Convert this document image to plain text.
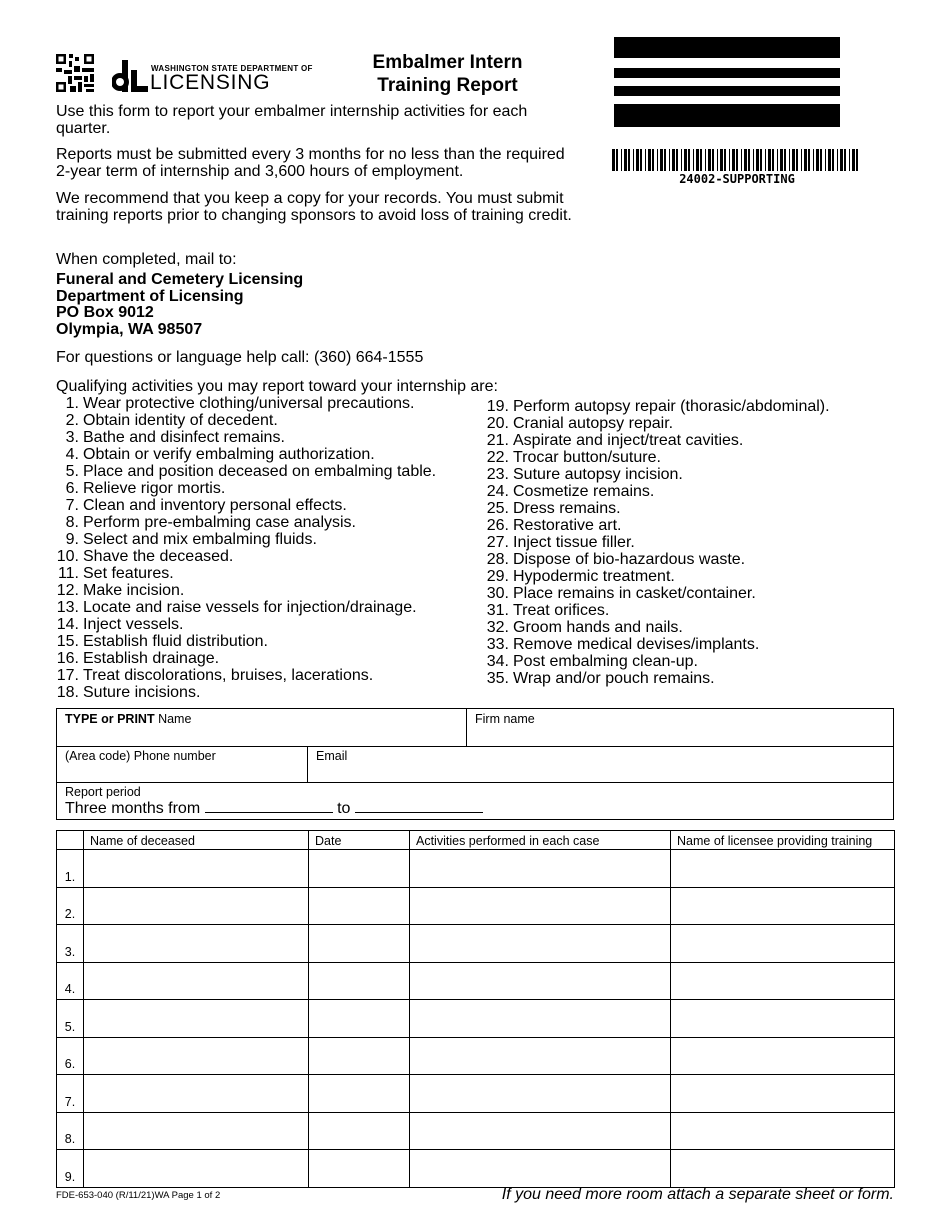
WASHINGTON STATE DEPARTMENT OF
LICENSING
Embalmer Intern
Training Report
24002-SUPPORTING
Use this form to report your embalmer internship activities for each quarter.
Reports must be submitted every 3 months for no less than the required 2-year term of internship and 3,600 hours of employment.
We recommend that you keep a copy for your records. You must submit training reports prior to changing sponsors to avoid loss of training credit.
When completed, mail to:
Funeral and Cemetery Licensing
Department of Licensing
PO Box 9012
Olympia, WA 98507
For questions or language help call: (360) 664-1555
Qualifying activities you may report toward your internship are:
1. Wear protective clothing/universal precautions.
2. Obtain identity of decedent.
3. Bathe and disinfect remains.
4. Obtain or verify embalming authorization.
5. Place and position deceased on embalming table.
6. Relieve rigor mortis.
7. Clean and inventory personal effects.
8. Perform pre-embalming case analysis.
9. Select and mix embalming fluids.
10. Shave the deceased.
11. Set features.
12. Make incision.
13. Locate and raise vessels for injection/drainage.
14. Inject vessels.
15. Establish fluid distribution.
16. Establish drainage.
17. Treat discolorations, bruises, lacerations.
18. Suture incisions.
19. Perform autopsy repair (thorasic/abdominal).
20. Cranial autopsy repair.
21. Aspirate and inject/treat cavities.
22. Trocar button/suture.
23. Suture autopsy incision.
24. Cosmetize remains.
25. Dress remains.
26. Restorative art.
27. Inject tissue filler.
28. Dispose of bio-hazardous waste.
29. Hypodermic treatment.
30. Place remains in casket/container.
31. Treat orifices.
32. Groom hands and nails.
33. Remove medical devises/implants.
34. Post embalming clean-up.
35. Wrap and/or pouch remains.
TYPE or PRINT Name	Firm name
(Area code) Phone number	Email
Report period
Three months from	to
	Name of deceased	Date	Activities performed in each case	Name of licensee providing training
1.				
2.				
3.				
4.				
5.				
6.				
7.				
8.				
9.				
FDE-653-040 (R/11/21)WA Page 1 of 2	If you need more room attach a separate sheet or form.
